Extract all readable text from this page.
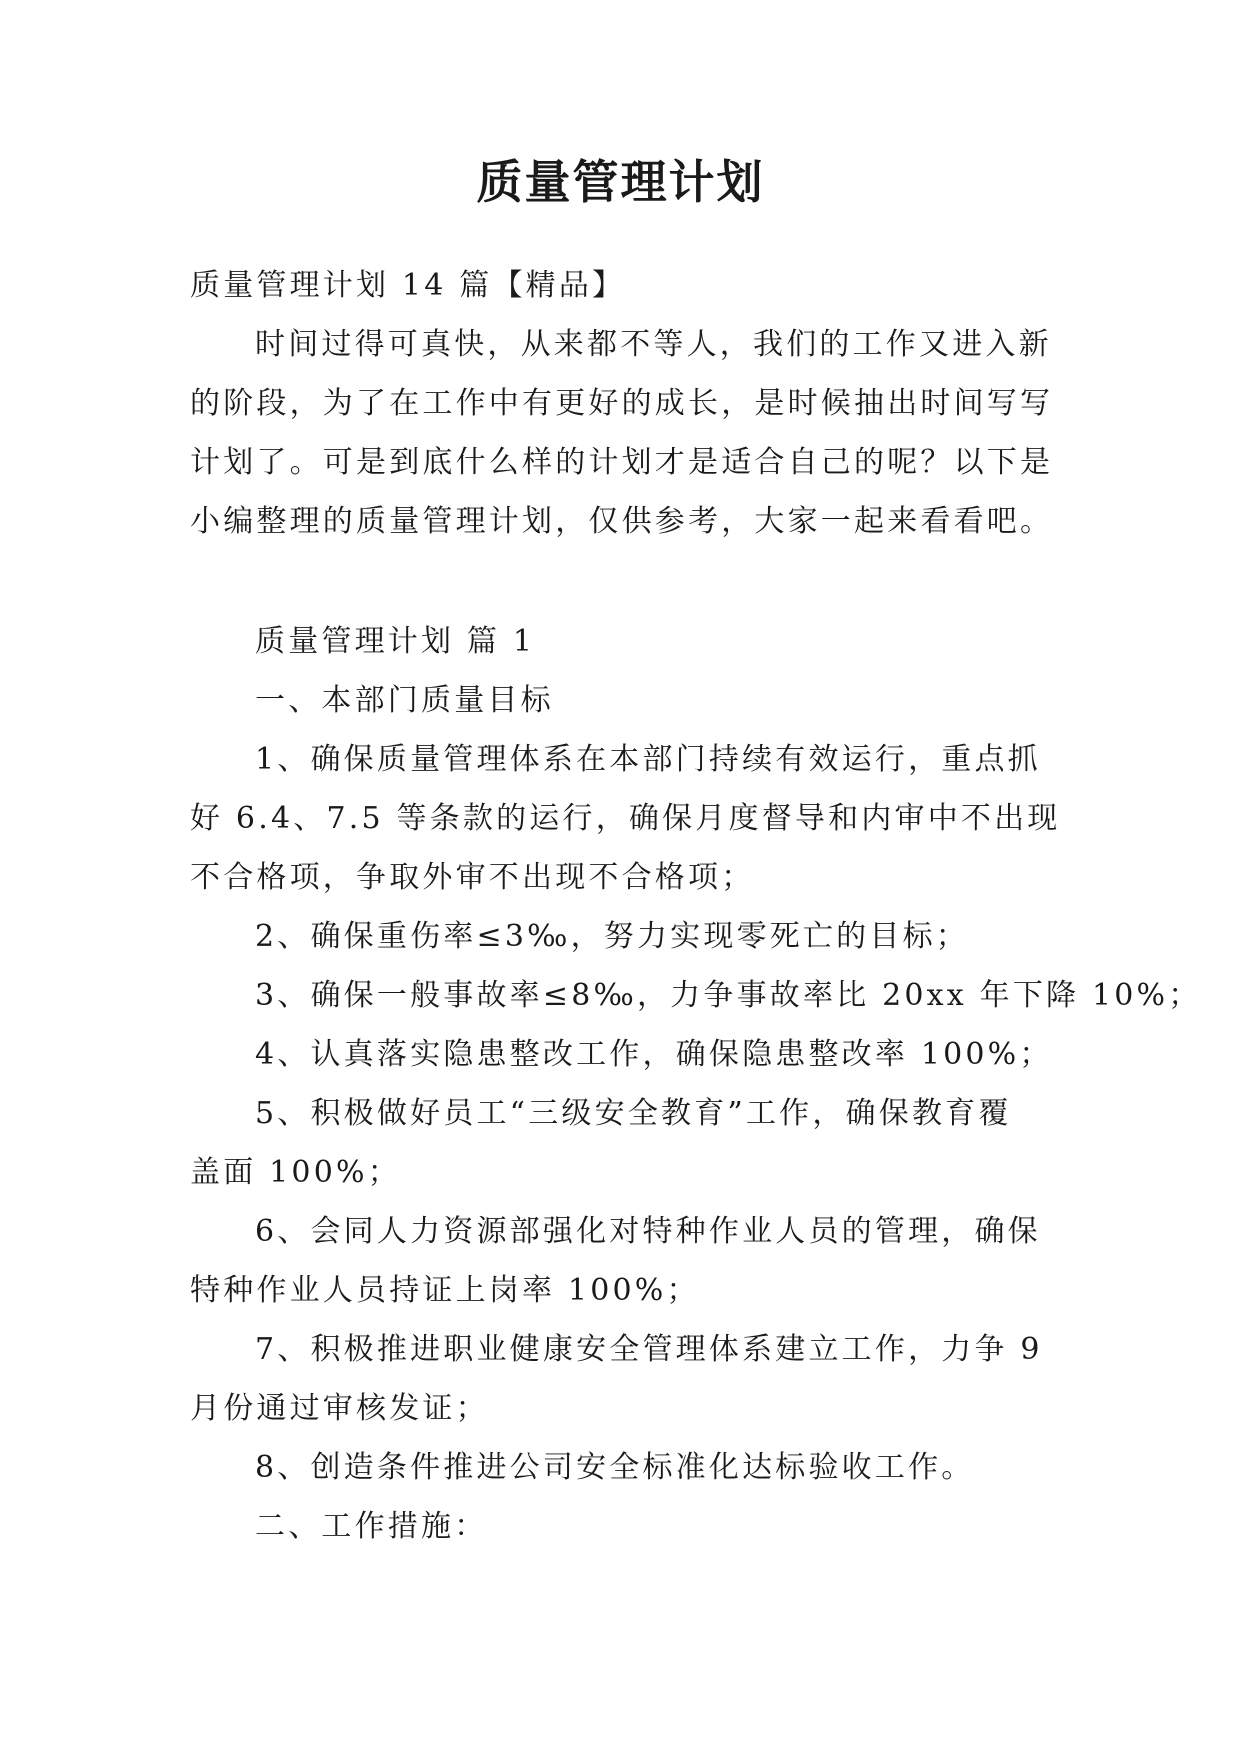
质量管理计划
质量管理计划 14 篇【精品】
时间过得可真快，从来都不等人，我们的工作又进入新
的阶段，为了在工作中有更好的成长，是时候抽出时间写写
计划了。可是到底什么样的计划才是适合自己的呢？以下是
小编整理的质量管理计划，仅供参考，大家一起来看看吧。
质量管理计划 篇 1
一、本部门质量目标
1、确保质量管理体系在本部门持续有效运行，重点抓
好 6.4、7.5 等条款的运行，确保月度督导和内审中不出现
不合格项，争取外审不出现不合格项；
2、确保重伤率≤3‰，努力实现零死亡的目标；
3、确保一般事故率≤8‰，力争事故率比 20xx 年下降 10%；
4、认真落实隐患整改工作，确保隐患整改率 100%；
5、积极做好员工“三级安全教育”工作，确保教育覆
盖面 100%；
6、会同人力资源部强化对特种作业人员的管理，确保
特种作业人员持证上岗率 100%；
7、积极推进职业健康安全管理体系建立工作，力争 9
月份通过审核发证；
8、创造条件推进公司安全标准化达标验收工作。
二、工作措施：
